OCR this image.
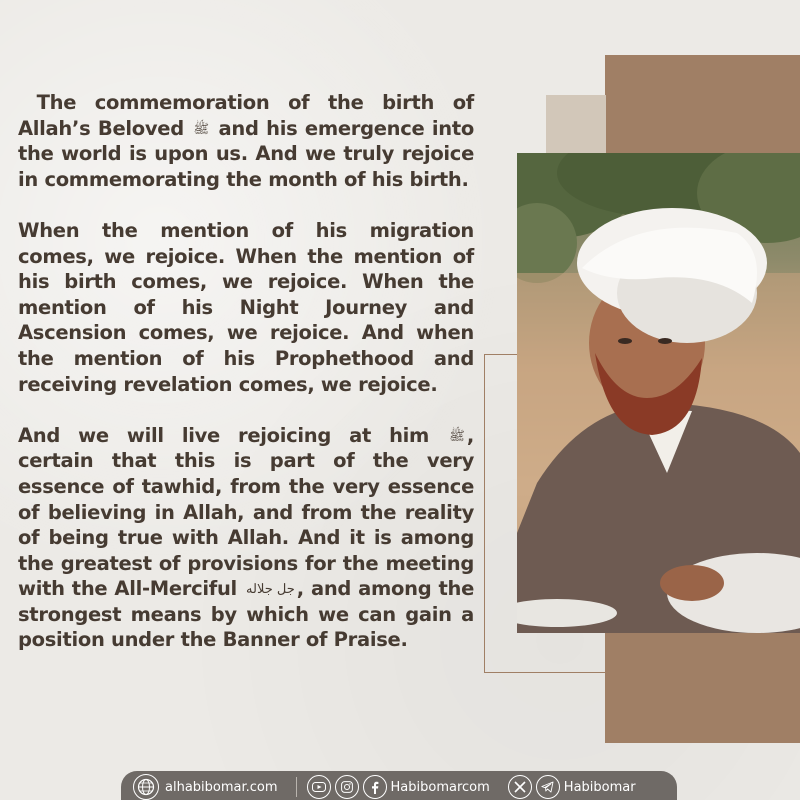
The commemoration of the birth of Allah’s Beloved ﷺ and his emergence into the world is upon us. And we truly rejoice in commemorating the month of his birth.

When the mention of his migration comes, we rejoice. When the mention of his birth comes, we rejoice. When the mention of his Night Journey and Ascension comes, we rejoice. And when the mention of his Prophethood and receiving revelation comes, we rejoice.

And we will live rejoicing at him ﷺ , certain that this is part of the very essence of tawhid, from the very essence of believing in Allah, and from the reality of being true with Allah. And it is among the greatest of provisions for the meeting with the All-Merciful جل جلاله , and among the strongest means by which we can gain a position under the Banner of Praise.

alhabibomar.com	Habibomarcom	Habibomar
